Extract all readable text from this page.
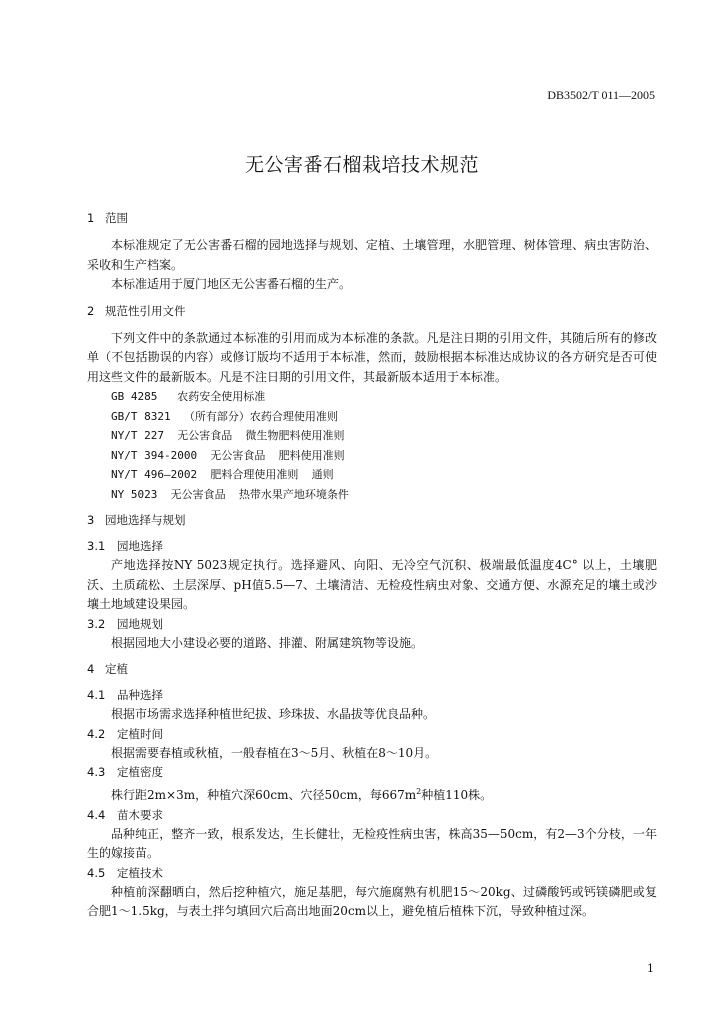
DB3502/T 011—2005
无公害番石榴栽培技术规范
1 范围

本标准规定了无公害番石榴的园地选择与规划、定植、土壤管理，水肥管理、树体管理、病虫害防治、采收和生产档案。

本标准适用于厦门地区无公害番石榴的生产。

2 规范性引用文件

下列文件中的条款通过本标准的引用而成为本标准的条款。凡是注日期的引用文件，其随后所有的修改单（不包括勘误的内容）或修订版均不适用于本标准，然而，鼓励根据本标准达成协议的各方研究是否可使用这些文件的最新版本。凡是不注日期的引用文件，其最新版本适用于本标准。

GB 4285   农药安全使用标准
GB/T 8321  （所有部分）农药合理使用准则
NY/T 227  无公害食品  微生物肥料使用准则
NY/T 394-2000  无公害食品  肥料使用准则
NY/T 496—2002  肥料合理使用准则  通则
NY 5023  无公害食品  热带水果产地环境条件
3 园地选择与规划
3.1 园地选择

产地选择按NY 5023规定执行。选择避风、向阳、无冷空气沉积、极端最低温度4C° 以上，土壤肥沃、土质疏松、土层深厚、pH值5.5—7、土壤清洁、无检疫性病虫对象、交通方便、水源充足的壤土或沙壤土地域建设果园。

3.2 园地规划

根据园地大小建设必要的道路、排灌、附属建筑物等设施。

4 定植
4.1 品种选择

根据市场需求选择种植世纪拔、珍珠拔、水晶拔等优良品种。

4.2 定植时间

根据需要春植或秋植，一般春植在3～5月、秋植在8～10月。

4.3 定植密度

株行距2m×3m，种植穴深60cm、穴径50cm，每$667m^2$种植110株。

4.4 苗木要求

品种纯正，整齐一致，根系发达，生长健壮，无检疫性病虫害，株高35—50cm，有2—3个分枝，一年生的嫁接苗。

4.5 定植技术

种植前深翻晒白，然后挖种植穴，施足基肥，每穴施腐熟有机肥15～20kg、过磷酸钙或钙镁磷肥或复合肥1～1.5kg，与表土拌匀填回穴后高出地面20cm以上，避免植后植株下沉，导致种植过深。

1
